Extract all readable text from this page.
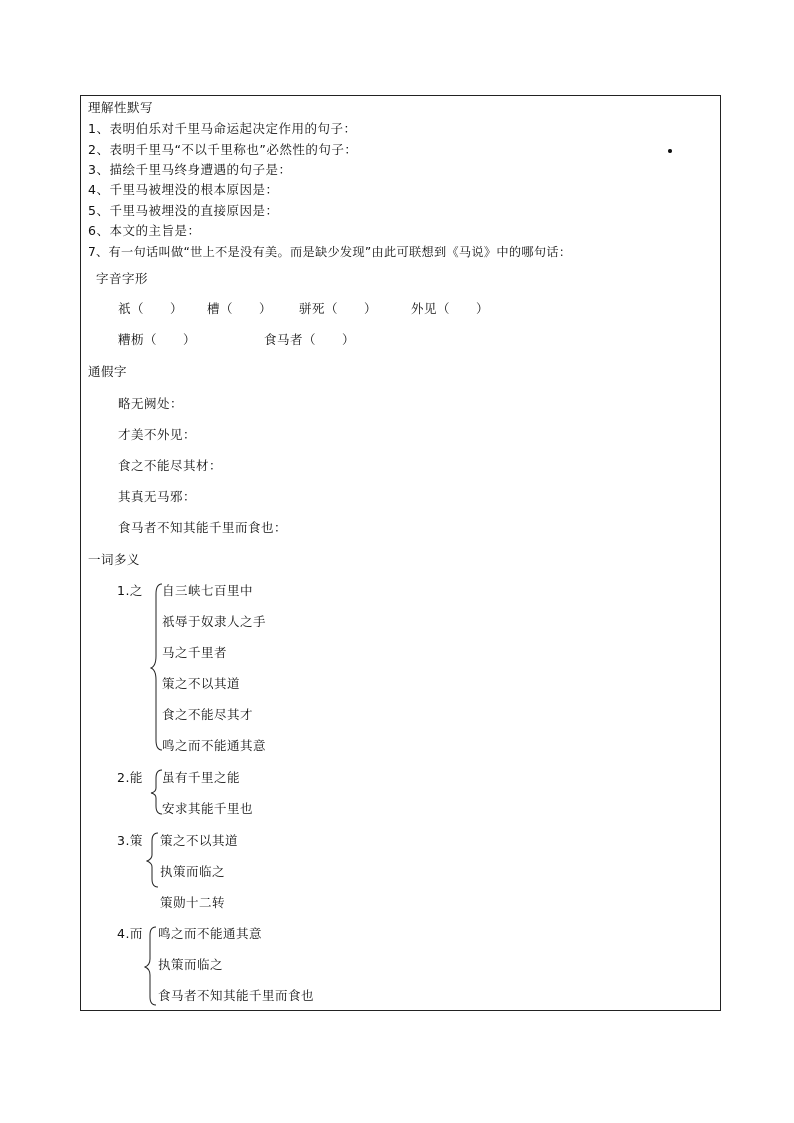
理解性默写
1、表明伯乐对千里马命运起决定作用的句子：
2、表明千里马“不以千里称也”必然性的句子：
3、描绘千里马终身遭遇的句子是：
4、千里马被埋没的根本原因是：
5、千里马被埋没的直接原因是：
6、本文的主旨是：
7、有一句话叫做“世上不是没有美。而是缺少发现”由此可联想到《马说》中的哪句话：
字音字形
祇（　　） 槽（　　） 骈死（　　）	外见（　　）
糟枥（　　）	食马者（　　）
通假字
略无阙处：
才美不外见：
食之不能尽其材：
其真无马邪：
食马者不知其能千里而食也：
一词多义
1.之 自三峡七百里中
祇辱于奴隶人之手
马之千里者
策之不以其道
食之不能尽其才
鸣之而不能通其意
2.能 虽有千里之能
安求其能千里也
3.策 策之不以其道
执策而临之
策勋十二转
4.而 鸣之而不能通其意
执策而临之
食马者不知其能千里而食也
